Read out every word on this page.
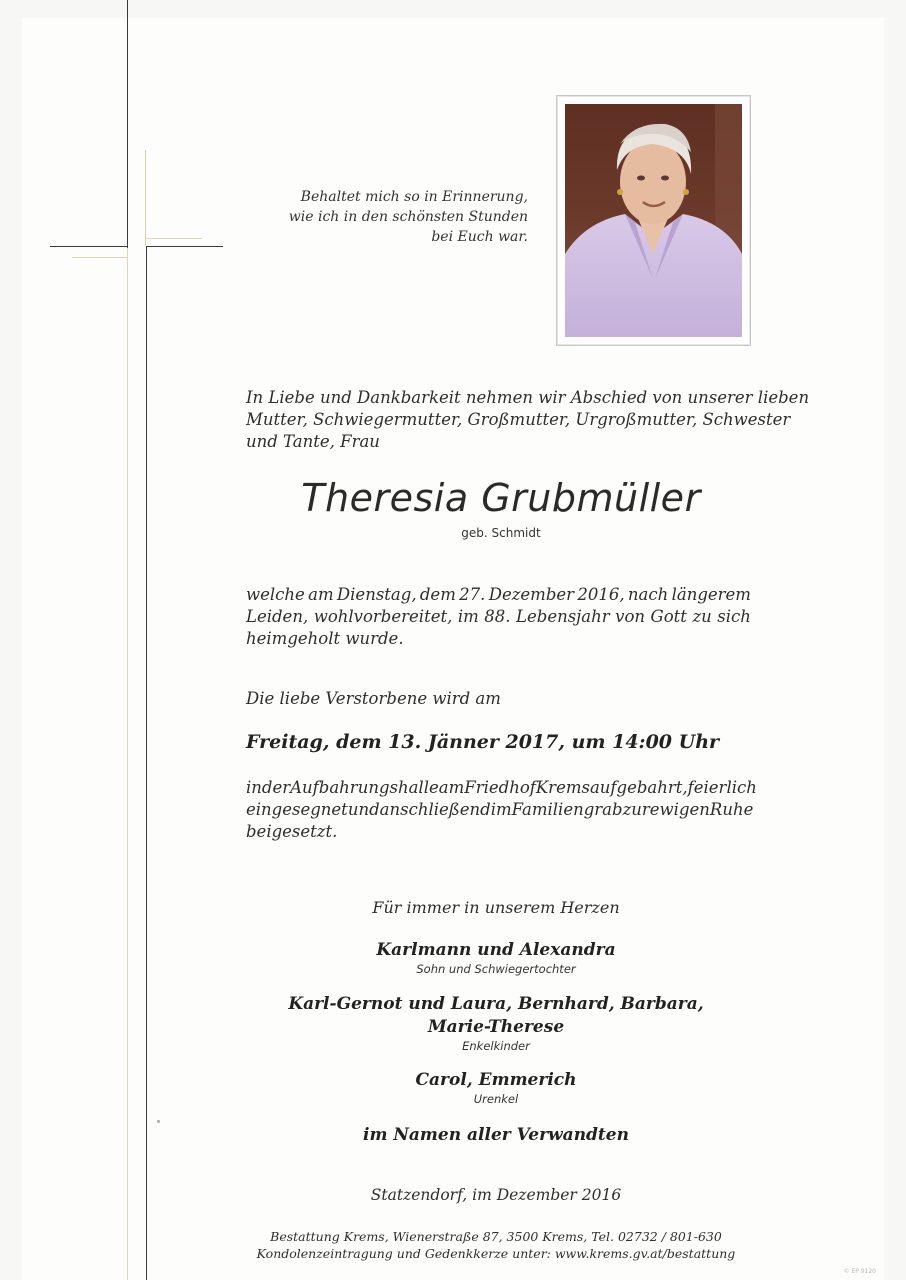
Behaltet mich so in Erinnerung,
wie ich in den schönsten Stunden
bei Euch war.
In Liebe und Dankbarkeit nehmen wir Abschied von unserer lieben
Mutter, Schwiegermutter, Großmutter, Urgroßmutter, Schwester
und Tante, Frau
Theresia Grubmüller
geb. Schmidt
welche am Dienstag, dem 27. Dezember 2016, nach längerem
Leiden, wohlvorbereitet, im 88. Lebensjahr von Gott zu sich
heimgeholt wurde.
Die liebe Verstorbene wird am
Freitag, dem 13. Jänner 2017, um 14:00 Uhr
in der Aufbahrungshalle am Friedhof Krems aufgebahrt, feierlich
eingesegnet und anschließend im Familiengrab zur ewigen Ruhe
beigesetzt.
Für immer in unserem Herzen
Karlmann und Alexandra
Sohn und Schwiegertochter
Karl-Gernot und Laura, Bernhard, Barbara,
Marie-Therese
Enkelkinder
Carol, Emmerich
Urenkel
im Namen aller Verwandten
Statzendorf, im Dezember 2016
Bestattung Krems, Wienerstraße 87, 3500 Krems, Tel. 02732 / 801-630
Kondolenzeintragung und Gedenkkerze unter: www.krems.gv.at/bestattung
© EP 9120
